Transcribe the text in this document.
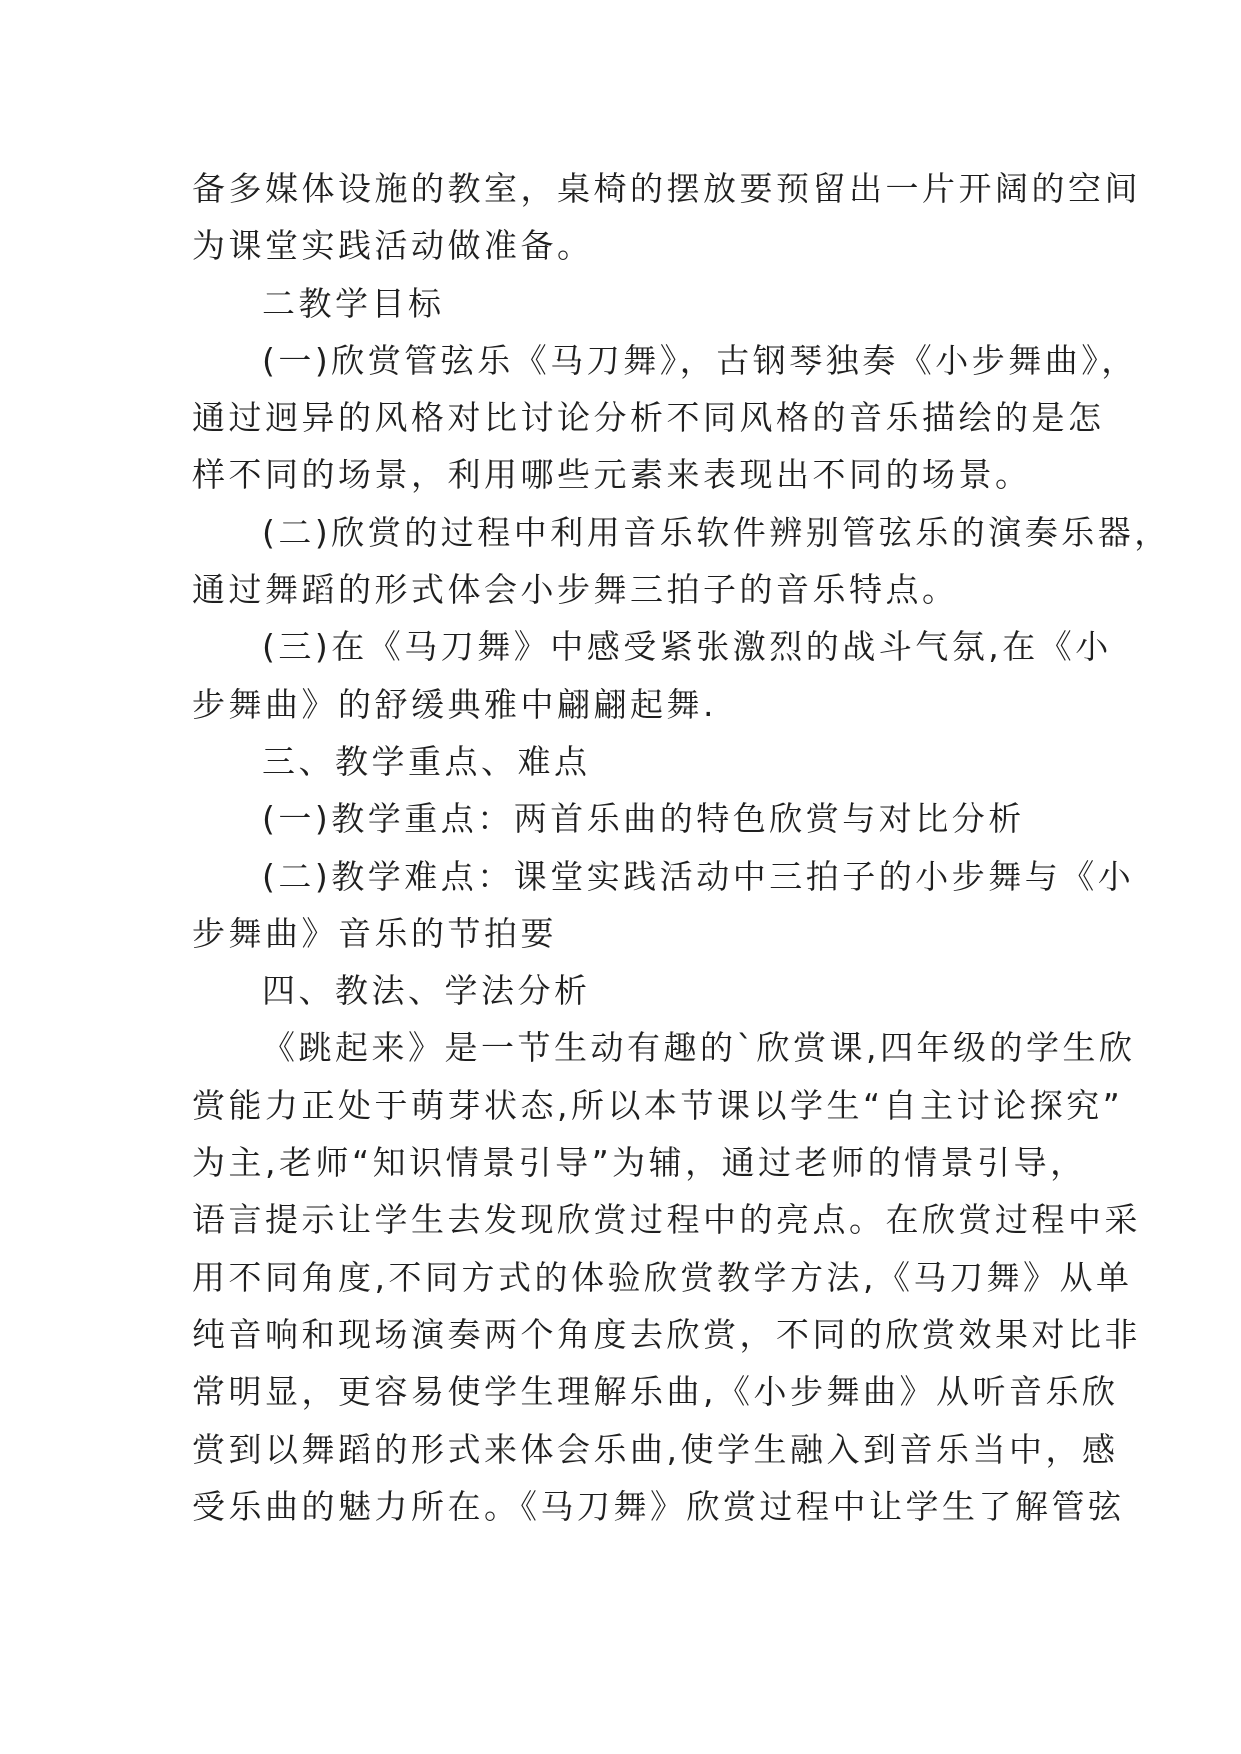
备多媒体设施的教室，桌椅的摆放要预留出一片开阔的空间
为课堂实践活动做准备。
二教学目标
(一)欣赏管弦乐《马刀舞》，古钢琴独奏《小步舞曲》，
通过迥异的风格对比讨论分析不同风格的音乐描绘的是怎
样不同的场景，利用哪些元素来表现出不同的场景。
(二)欣赏的过程中利用音乐软件辨别管弦乐的演奏乐器，
通过舞蹈的形式体会小步舞三拍子的音乐特点。
(三)在《马刀舞》中感受紧张激烈的战斗气氛,在《小
步舞曲》的舒缓典雅中翩翩起舞.
三、教学重点、难点
(一)教学重点：两首乐曲的特色欣赏与对比分析
(二)教学难点：课堂实践活动中三拍子的小步舞与《小
步舞曲》音乐的节拍要
四、教法、学法分析
《跳起来》是一节生动有趣的`欣赏课,四年级的学生欣
赏能力正处于萌芽状态,所以本节课以学生“自主讨论探究”
为主,老师“知识情景引导”为辅，通过老师的情景引导，
语言提示让学生去发现欣赏过程中的亮点。在欣赏过程中采
用不同角度,不同方式的体验欣赏教学方法,《马刀舞》从单
纯音响和现场演奏两个角度去欣赏，不同的欣赏效果对比非
常明显，更容易使学生理解乐曲,《小步舞曲》从听音乐欣
赏到以舞蹈的形式来体会乐曲,使学生融入到音乐当中，感
受乐曲的魅力所在。《马刀舞》欣赏过程中让学生了解管弦
